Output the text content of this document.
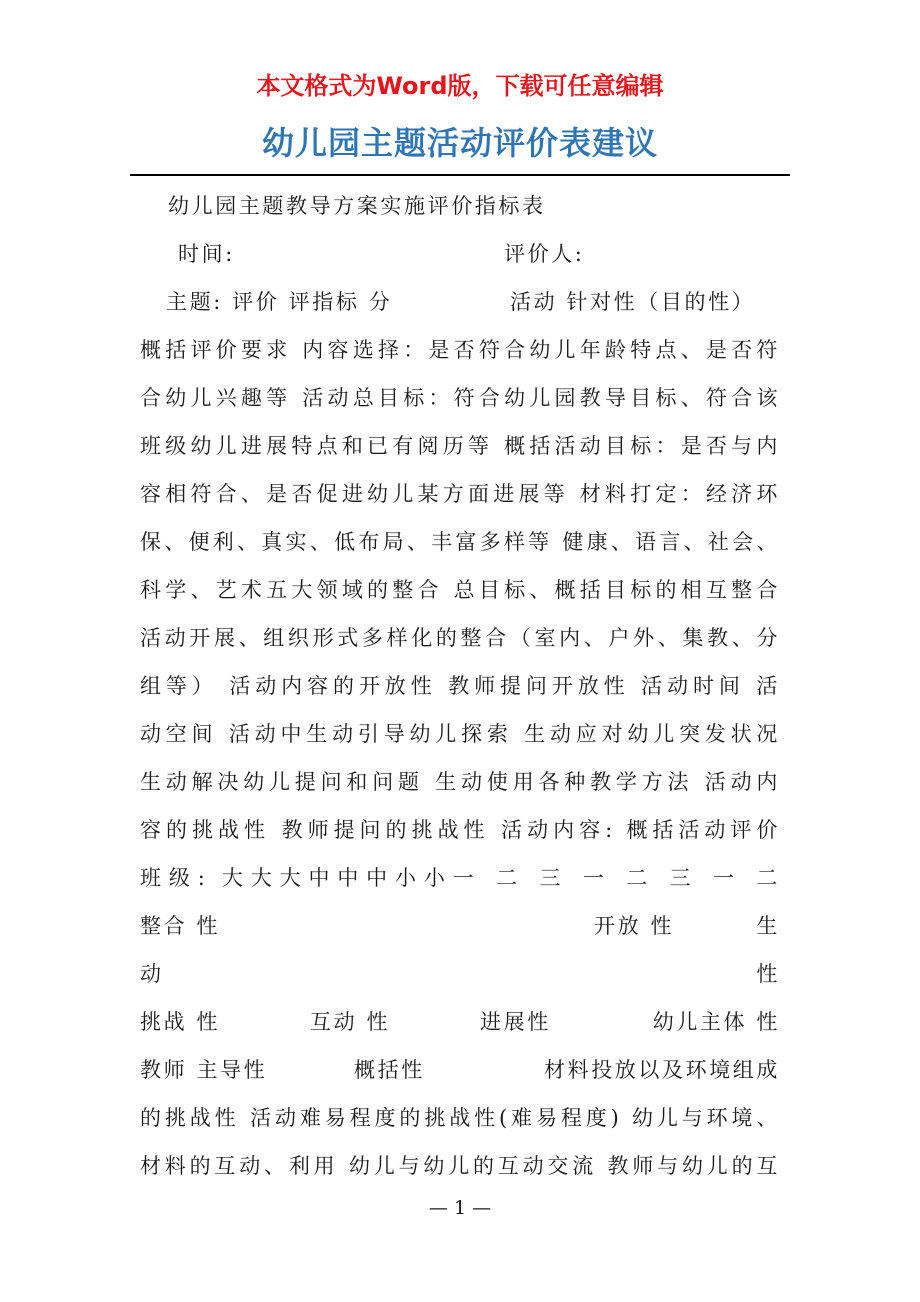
本文格式为Word版，下载可任意编辑
幼儿园主题活动评价表建议
幼儿园主题教导方案实施评价指标表
时间:	评价人:
主题: 评价 评指标 分	活动 针对性（目的性）
概括评价要求 内容选择：是否符合幼儿年龄特点、是否符
合幼儿兴趣等 活动总目标：符合幼儿园教导目标、符合该
班级幼儿进展特点和已有阅历等 概括活动目标：是否与内
容相符合、是否促进幼儿某方面进展等 材料打定：经济环
保、便利、真实、低布局、丰富多样等 健康、语言、社会、
科学、艺术五大领域的整合 总目标、概括目标的相互整合
活动开展、组织形式多样化的整合（室内、户外、集教、分
组等） 活动内容的开放性 教师提问开放性 活动时间 活
动空间 活动中生动引导幼儿探索 生动应对幼儿突发状况
生动解决幼儿提问和问题 生动使用各种教学方法 活动内
容的挑战性 教师提问的挑战性 活动内容: 概括活动评价
班级: 大大大中中中小小一 二 三 一 二 三 一 二
整合 性	开放 性	生
动	性
挑战 性	互动 性	进展性	幼儿主体 性
教师 主导性	概括性	材料投放以及环境组成
的挑战性 活动难易程度的挑战性(难易程度) 幼儿与环境、
材料的互动、利用 幼儿与幼儿的互动交流 教师与幼儿的互
— 1 —
